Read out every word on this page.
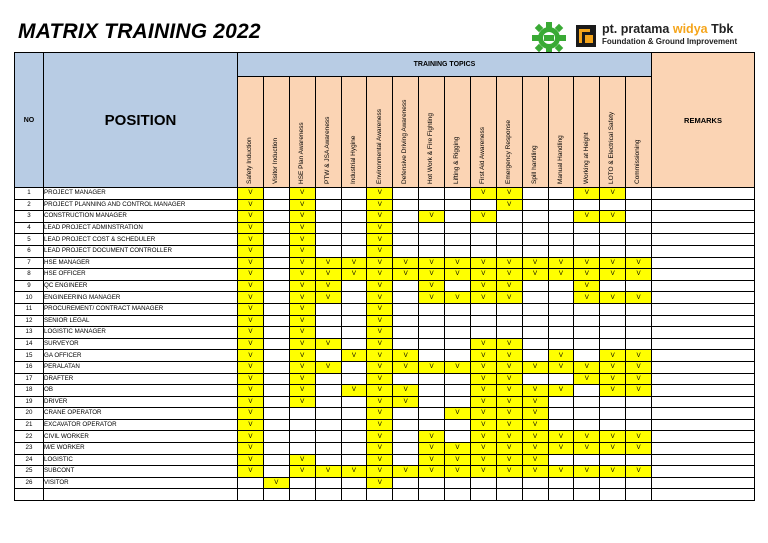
MATRIX TRAINING 2022	pt. pratama widya Tbk
Foundation & Ground Improvement
NO	POSITION	TRAINING TOPICS																REMARKS

		Safety Induction	Visitor Induction	HSE Plan Awareness	PTW & JSA Awareness	Industrial Hygine	Environmental Awareness	Defensive Driving Awareness	Hot Work & Fire Fighting	Lifting & Rigging	First Aid Awareness	Emergency Response	Spill handling	Manual Handling	Working at Height	LOTO & Electrical Safety	Commissioning	

1	PROJECT MANAGER	V		V			V				V	V			V	V		
2	PROJECT PLANNING AND CONTROL MANAGER	V		V			V					V						
3	CONSTRUCTION MANAGER	V		V			V		V		V				V	V		
4	LEAD PROJECT ADMINSTRATION	V		V			V											
5	LEAD PROJECT COST & SCHEDULER	V		V			V											
6	LEAD PROJECT DOCUMENT CONTROLLER	V		V			V											
7	HSE MANAGER	V		V	V	V	V	V	V	V	V	V	V	V	V	V	V	
8	HSE OFFICER	V		V	V	V	V	V	V	V	V	V	V	V	V	V	V	
9	QC ENGINEER	V		V	V		V		V		V	V			V			
10	ENGINEERING MANAGER	V		V	V		V		V	V	V	V			V	V	V	
11	PROCUREMENT/ CONTRACT MANAGER	V		V			V											
12	SENIOR LEGAL	V		V			V											
13	LOGISTIC MANAGER	V		V			V											
14	SURVEYOR	V		V	V		V				V	V						
15	GA OFFICER	V		V		V	V	V			V	V		V		V	V	
16	PERALATAN	V		V	V		V	V	V	V	V	V	V	V	V	V	V	
17	DRAFTER	V		V			V				V	V			V	V	V	
18	OB	V		V		V	V	V			V	V	V	V		V	V	
19	DRIVER	V		V			V	V			V	V	V					
20	CRANE OPERATOR	V					V			V	V	V	V					
21	EXCAVATOR OPERATOR	V					V				V	V	V					
22	CIVIL WORKER	V					V		V		V	V	V	V	V	V	V	
23	M/E WORKER	V					V		V	V	V	V	V	V	V	V	V	
24	LOGISTIC	V		V			V		V	V	V	V	V					
25	SUBCONT	V		V	V	V	V	V	V	V	V	V	V	V	V	V	V	
26	VISITOR		V				V											
